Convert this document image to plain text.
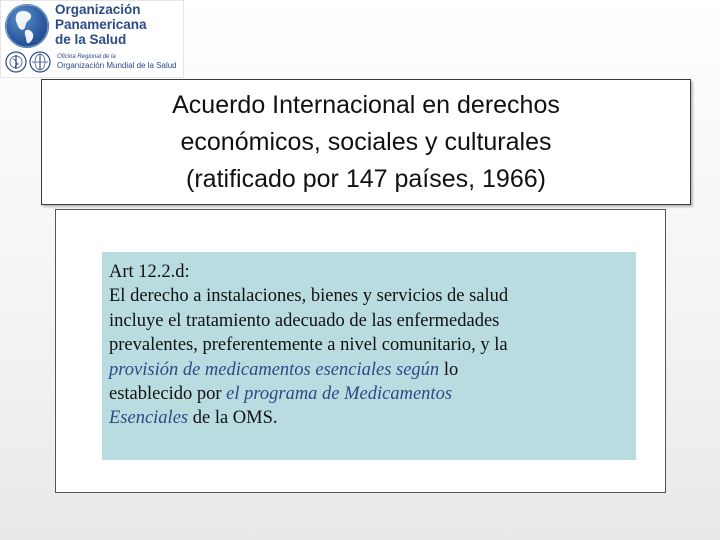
Organización
Panamericana
de la Salud
Oficina Regional de la
Organización Mundial de la Salud
Acuerdo Internacional en derechos
económicos, sociales y culturales
(ratificado por 147 países, 1966)
Art 12.2.d:
El derecho a instalaciones, bienes y servicios de salud
incluye el tratamiento adecuado de las enfermedades
prevalentes, preferentemente a nivel comunitario, y la
provisión de medicamentos esenciales según lo
establecido por el programa de Medicamentos
Esenciales de la OMS.
